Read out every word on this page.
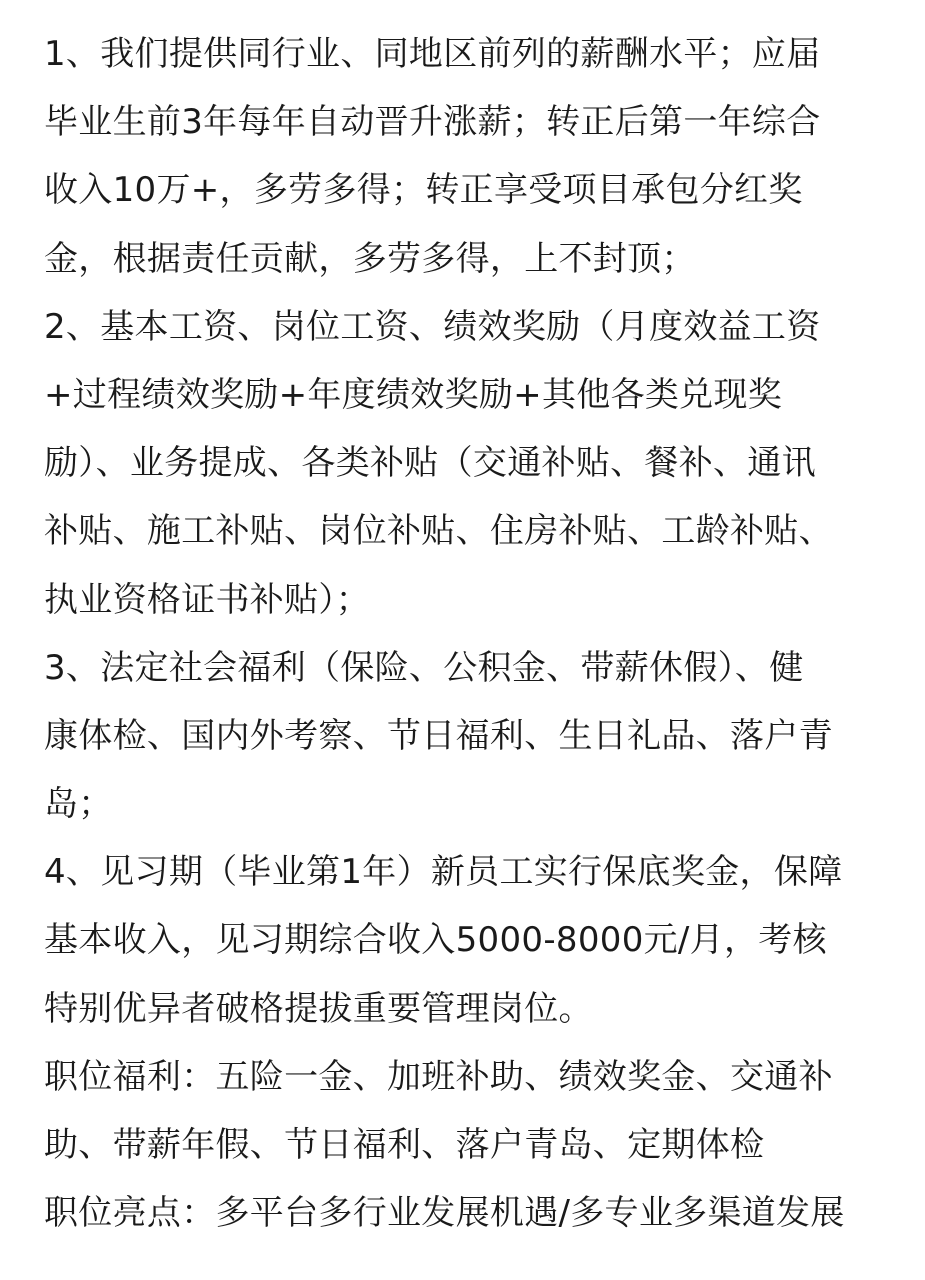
1、我们提供同行业、同地区前列的薪酬水平；应届
毕业生前3年每年自动晋升涨薪；转正后第一年综合
收入10万+，多劳多得；转正享受项目承包分红奖
金，根据责任贡献，多劳多得，上不封顶；
2、基本工资、岗位工资、绩效奖励（月度效益工资
+过程绩效奖励+年度绩效奖励+其他各类兑现奖
励）、业务提成、各类补贴（交通补贴、餐补、通讯
补贴、施工补贴、岗位补贴、住房补贴、工龄补贴、
执业资格证书补贴）；
3、法定社会福利（保险、公积金、带薪休假）、健
康体检、国内外考察、节日福利、生日礼品、落户青
岛；
4、见习期（毕业第1年）新员工实行保底奖金，保障
基本收入，见习期综合收入5000-8000元/月，考核
特别优异者破格提拔重要管理岗位。
职位福利：五险一金、加班补助、绩效奖金、交通补
助、带薪年假、节日福利、落户青岛、定期体检
职位亮点：多平台多行业发展机遇/多专业多渠道发展
